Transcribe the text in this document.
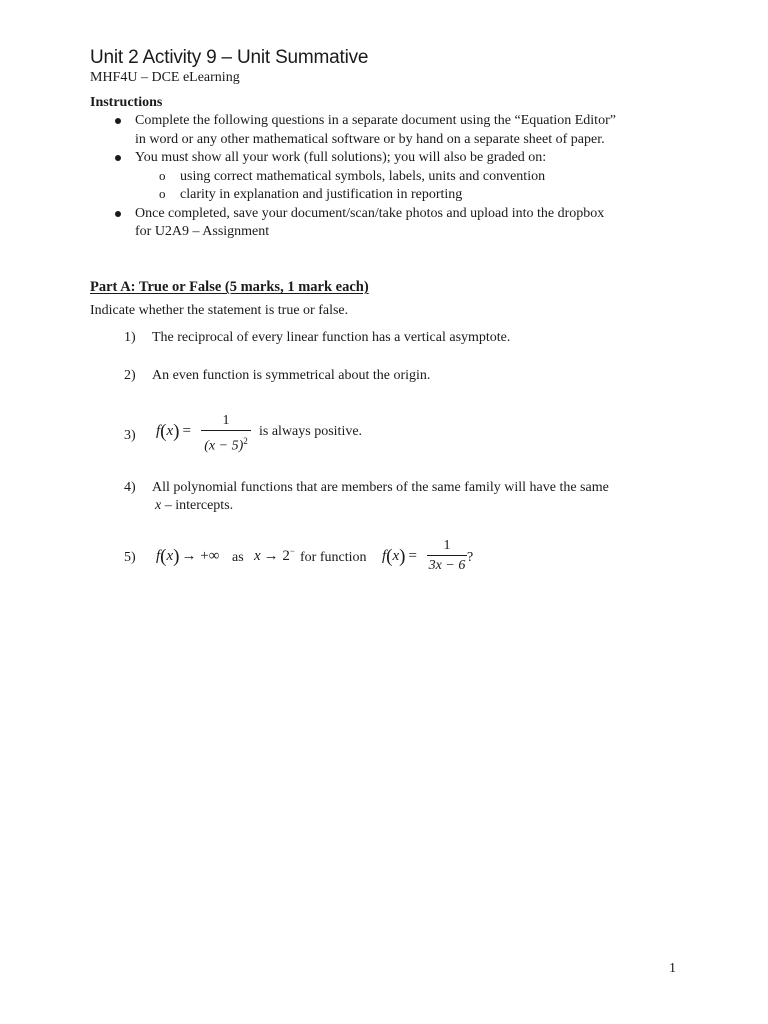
Unit 2 Activity 9 – Unit Summative
MHF4U – DCE eLearning
Instructions
Complete the following questions in a separate document using the “Equation Editor”
in word or any other mathematical software or by hand on a separate sheet of paper.
You must show all your work (full solutions); you will also be graded on:
o using correct mathematical symbols, labels, units and convention
o clarity in explanation and justification in reporting
Once completed, save your document/scan/take photos and upload into the dropbox
for U2A9 – Assignment
Part A: True or False (5 marks, 1 mark each)
Indicate whether the statement is true or false.
1) The reciprocal of every linear function has a vertical asymptote.
2) An even function is symmetrical about the origin.
3) f(x) =
1
$(x - 5)^2$
is always positive.
4) All polynomial functions that are members of the same family will have the same
x – intercepts.
5) f(x) → +∞ as x → 2− for function f(x) =
1
3x − 6
?
1
